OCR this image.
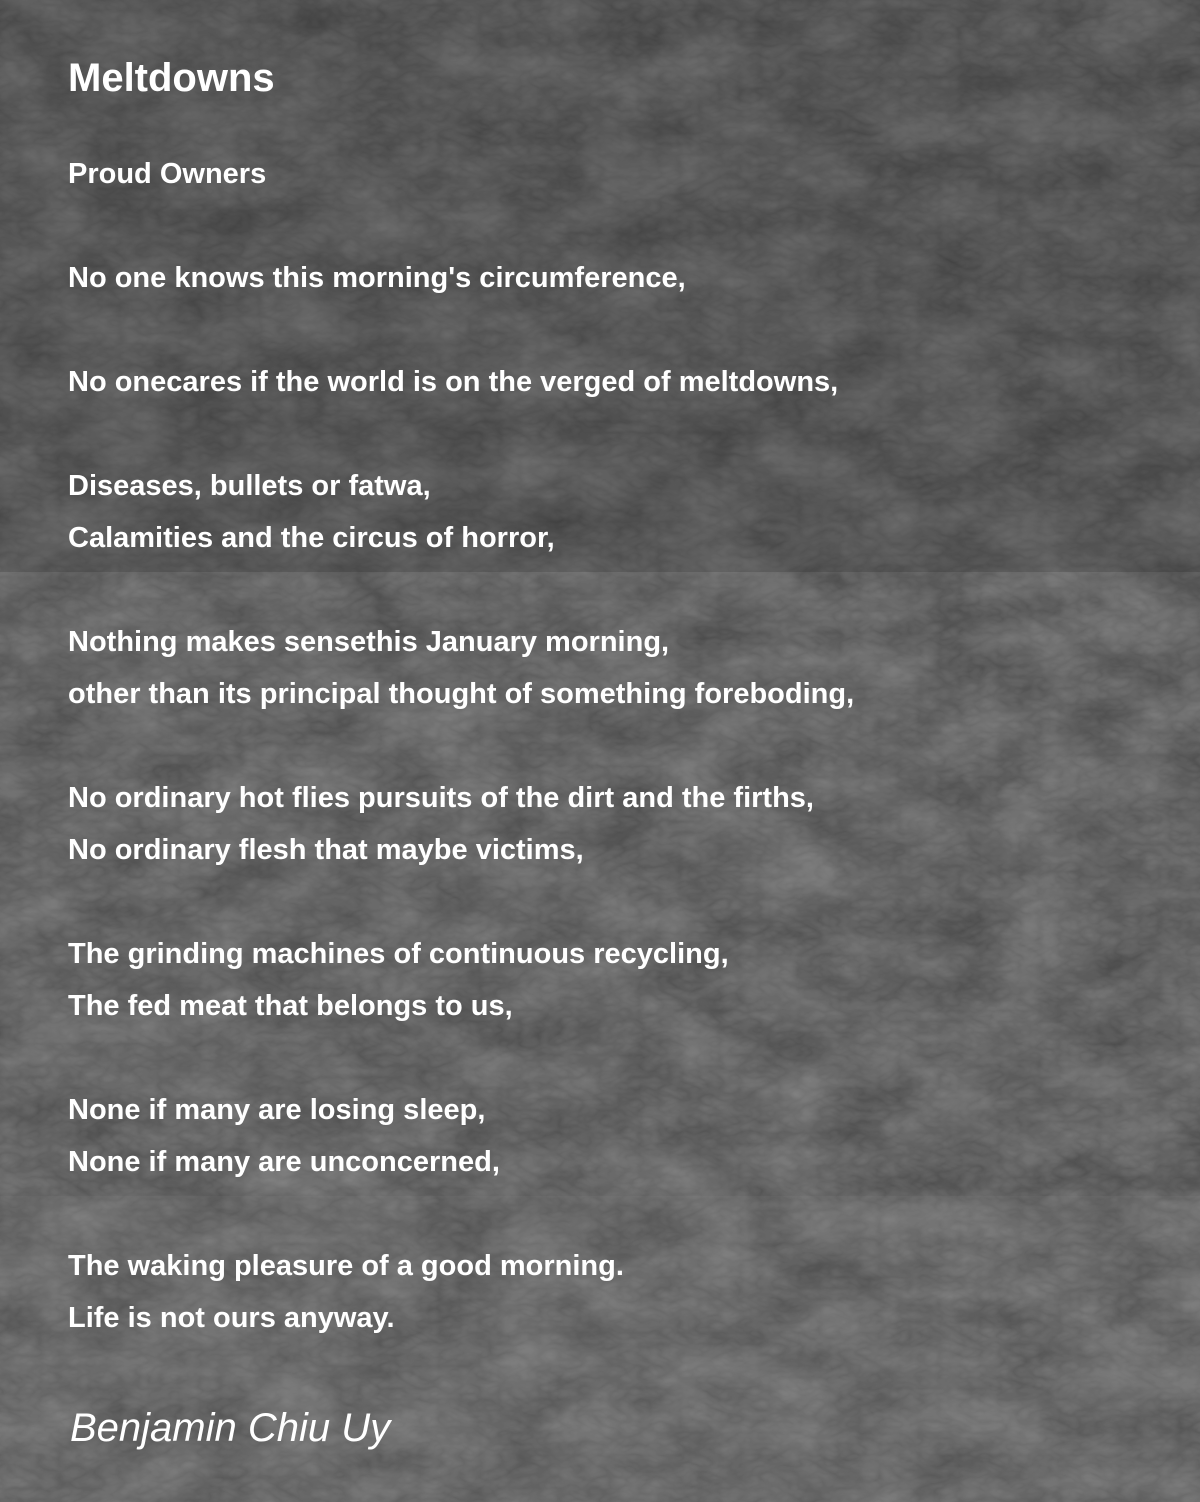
Meltdowns

Proud Owners

No one knows this morning's circumference,

No onecares if the world is on the verged of meltdowns,

Diseases, bullets or fatwa,

Calamities and the circus of horror,

Nothing makes sensethis January morning,

other than its principal thought of something foreboding,

No ordinary hot flies pursuits of the dirt and the firths,

No ordinary flesh that maybe victims,

The grinding machines of continuous recycling,

The fed meat that belongs to us,

None if many are losing sleep,

None if many are unconcerned,

The waking pleasure of a good morning.

Life is not ours anyway.

Benjamin Chiu Uy
